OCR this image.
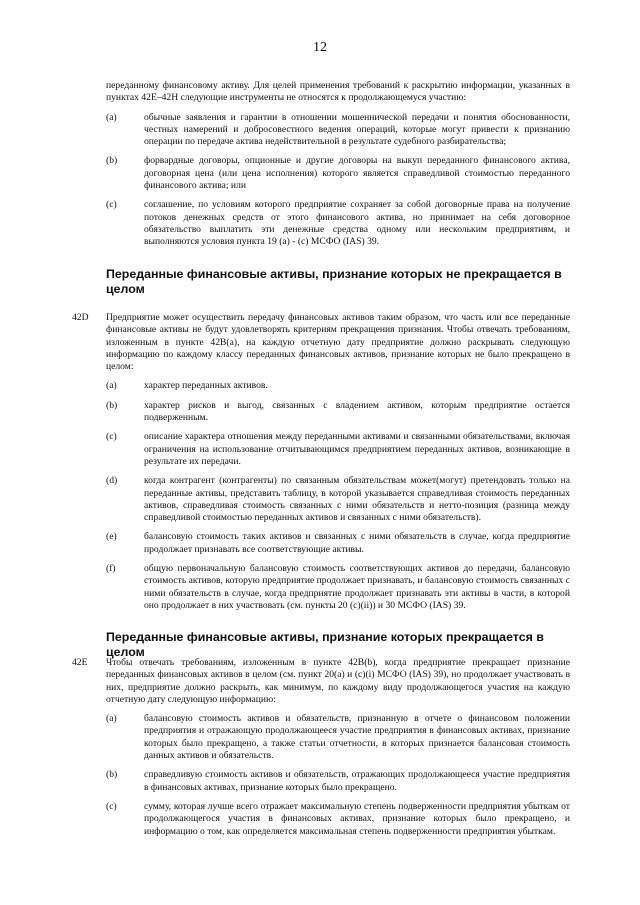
12

переданному финансовому активу. Для целей применения требований к раскрытию информации, указанных в пунктах 42E–42H следующие инструменты не относятся к продолжающемуся участию:

(a)	обычные заявления и гарантии в отношении мошеннической передачи и понятия обоснованности, честных намерений и добросовестного ведения операций, которые могут привести к признанию операции по передаче актива недействительной в результате судебного разбирательства;

(b)	форвардные договоры, опционные и другие договоры на выкуп переданного финансового актива, договорная цена (или цена исполнения) которого является справедливой стоимостью переданного финансового актива; или

(c)	соглашение, по условиям которого предприятие сохраняет за собой договорные права на получение потоков денежных средств от этого финансового актива, но принимает на себя договорное обязательство выплатить эти денежные средства одному или нескольким предприятиям, и выполняются условия пункта 19 (a) - (c) МСФО (IAS) 39.

Переданные финансовые активы, признание которых не прекращается в целом
42D Предприятие может осуществить передачу финансовых активов таким образом, что часть или все переданные финансовые активы не будут удовлетворять критериям прекращения признания. Чтобы отвечать требованиям, изложенным в пункте 42B(a), на каждую отчетную дату предприятие должно раскрывать следующую информацию по каждому классу переданных финансовых активов, признание которых не было прекращено в целом:

(a)	характер переданных активов.

(b)	характер рисков и выгод, связанных с владением активом, которым предприятие остается подверженным.

(c)	описание характера отношения между переданными активами и связанными обязательствами, включая ограничения на использование отчитывающимся предприятием переданных активов, возникающие в результате их передачи.

(d)	когда контрагент (контрагенты) по связанным обязательствам может(могут) претендовать только на переданные активы, представить таблицу, в которой указывается справедливая стоимость переданных активов, справедливая стоимость связанных с ними обязательств и нетто-позиция (разница между справедливой стоимостью переданных активов и связанных с ними обязательств).

(e)	балансовую стоимость таких активов и связанных с ними обязательств в случае, когда предприятие продолжает признавать все соответствующие активы.

(f)	общую первоначальную балансовую стоимость соответствующих активов до передачи, балансовую стоимость активов, которую предприятие продолжает признавать, и балансовую стоимость связанных с ними обязательств в случае, когда предприятие продолжает признавать эти активы в части, в которой оно продолжает в них участвовать (см. пункты 20 (c)(ii)) и 30 МСФО (IAS) 39.

Переданные финансовые активы, признание которых прекращается в целом
42E Чтобы отвечать требованиям, изложенным в пункте 42B(b), когда предприятие прекращает признание переданных финансовых активов в целом (см. пункт 20(a) и (c)(i) МСФО (IAS) 39), но продолжает участвовать в них, предприятие должно раскрыть, как минимум, по каждому виду продолжающегося участия на каждую отчетную дату следующую информацию:

(a)	балансовую стоимость активов и обязательств, признанную в отчете о финансовом положении предприятия и отражающую продолжающееся участие предприятия в финансовых активах, признание которых было прекращено, а также статьи отчетности, в которых признается балансовая стоимость данных активов и обязательств.

(b)	справедливую стоимость активов и обязательств, отражающих продолжающееся участие предприятия в финансовых активах, признание которых было прекращено.

(c)	сумму, которая лучше всего отражает максимальную степень подверженности предприятия убыткам от продолжающегося участия в финансовых активах, признание которых было прекращено, и информацию о том, как определяется максимальная степень подверженности предприятия убыткам.
